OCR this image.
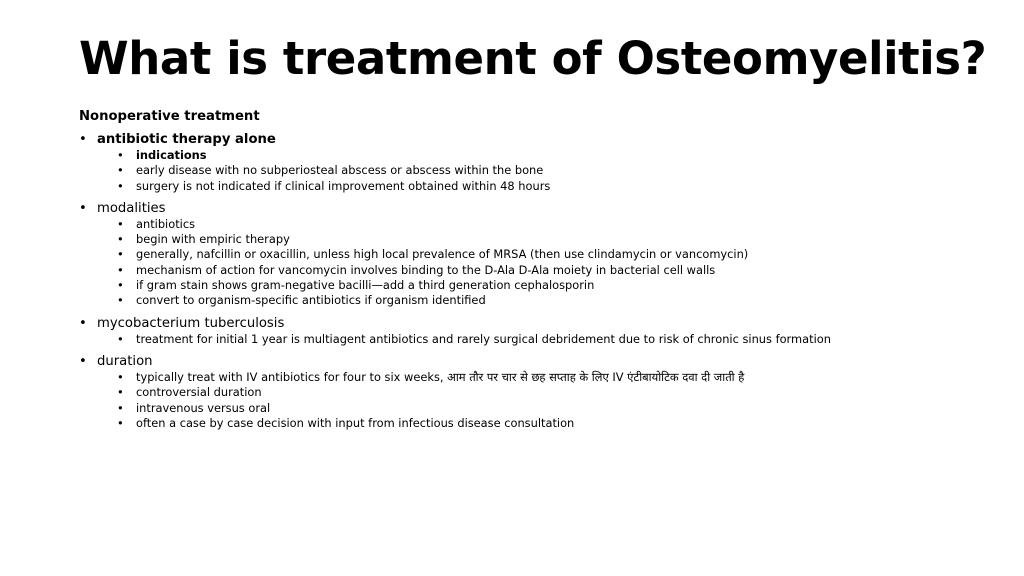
What is treatment of Osteomyelitis?
Nonoperative treatment
• antibiotic therapy alone
• indications
• early disease with no subperiosteal abscess or abscess within the bone
• surgery is not indicated if clinical improvement obtained within 48 hours
• modalities
• antibiotics
• begin with empiric therapy
• generally, nafcillin or oxacillin, unless high local prevalence of MRSA (then use clindamycin or vancomycin)
• mechanism of action for vancomycin involves binding to the D-Ala D-Ala moiety in bacterial cell walls
• if gram stain shows gram-negative bacilli—add a third generation cephalosporin
• convert to organism-specific antibiotics if organism identified
• mycobacterium tuberculosis
• treatment for initial 1 year is multiagent antibiotics and rarely surgical debridement due to risk of chronic sinus formation
• duration
• typically treat with IV antibiotics for four to six weeks, आम तौर पर चार से छह सप्ताह के लिए IV एंटीबायोटिक दवा दी जाती है
• controversial duration
• intravenous versus oral
• often a case by case decision with input from infectious disease consultation
